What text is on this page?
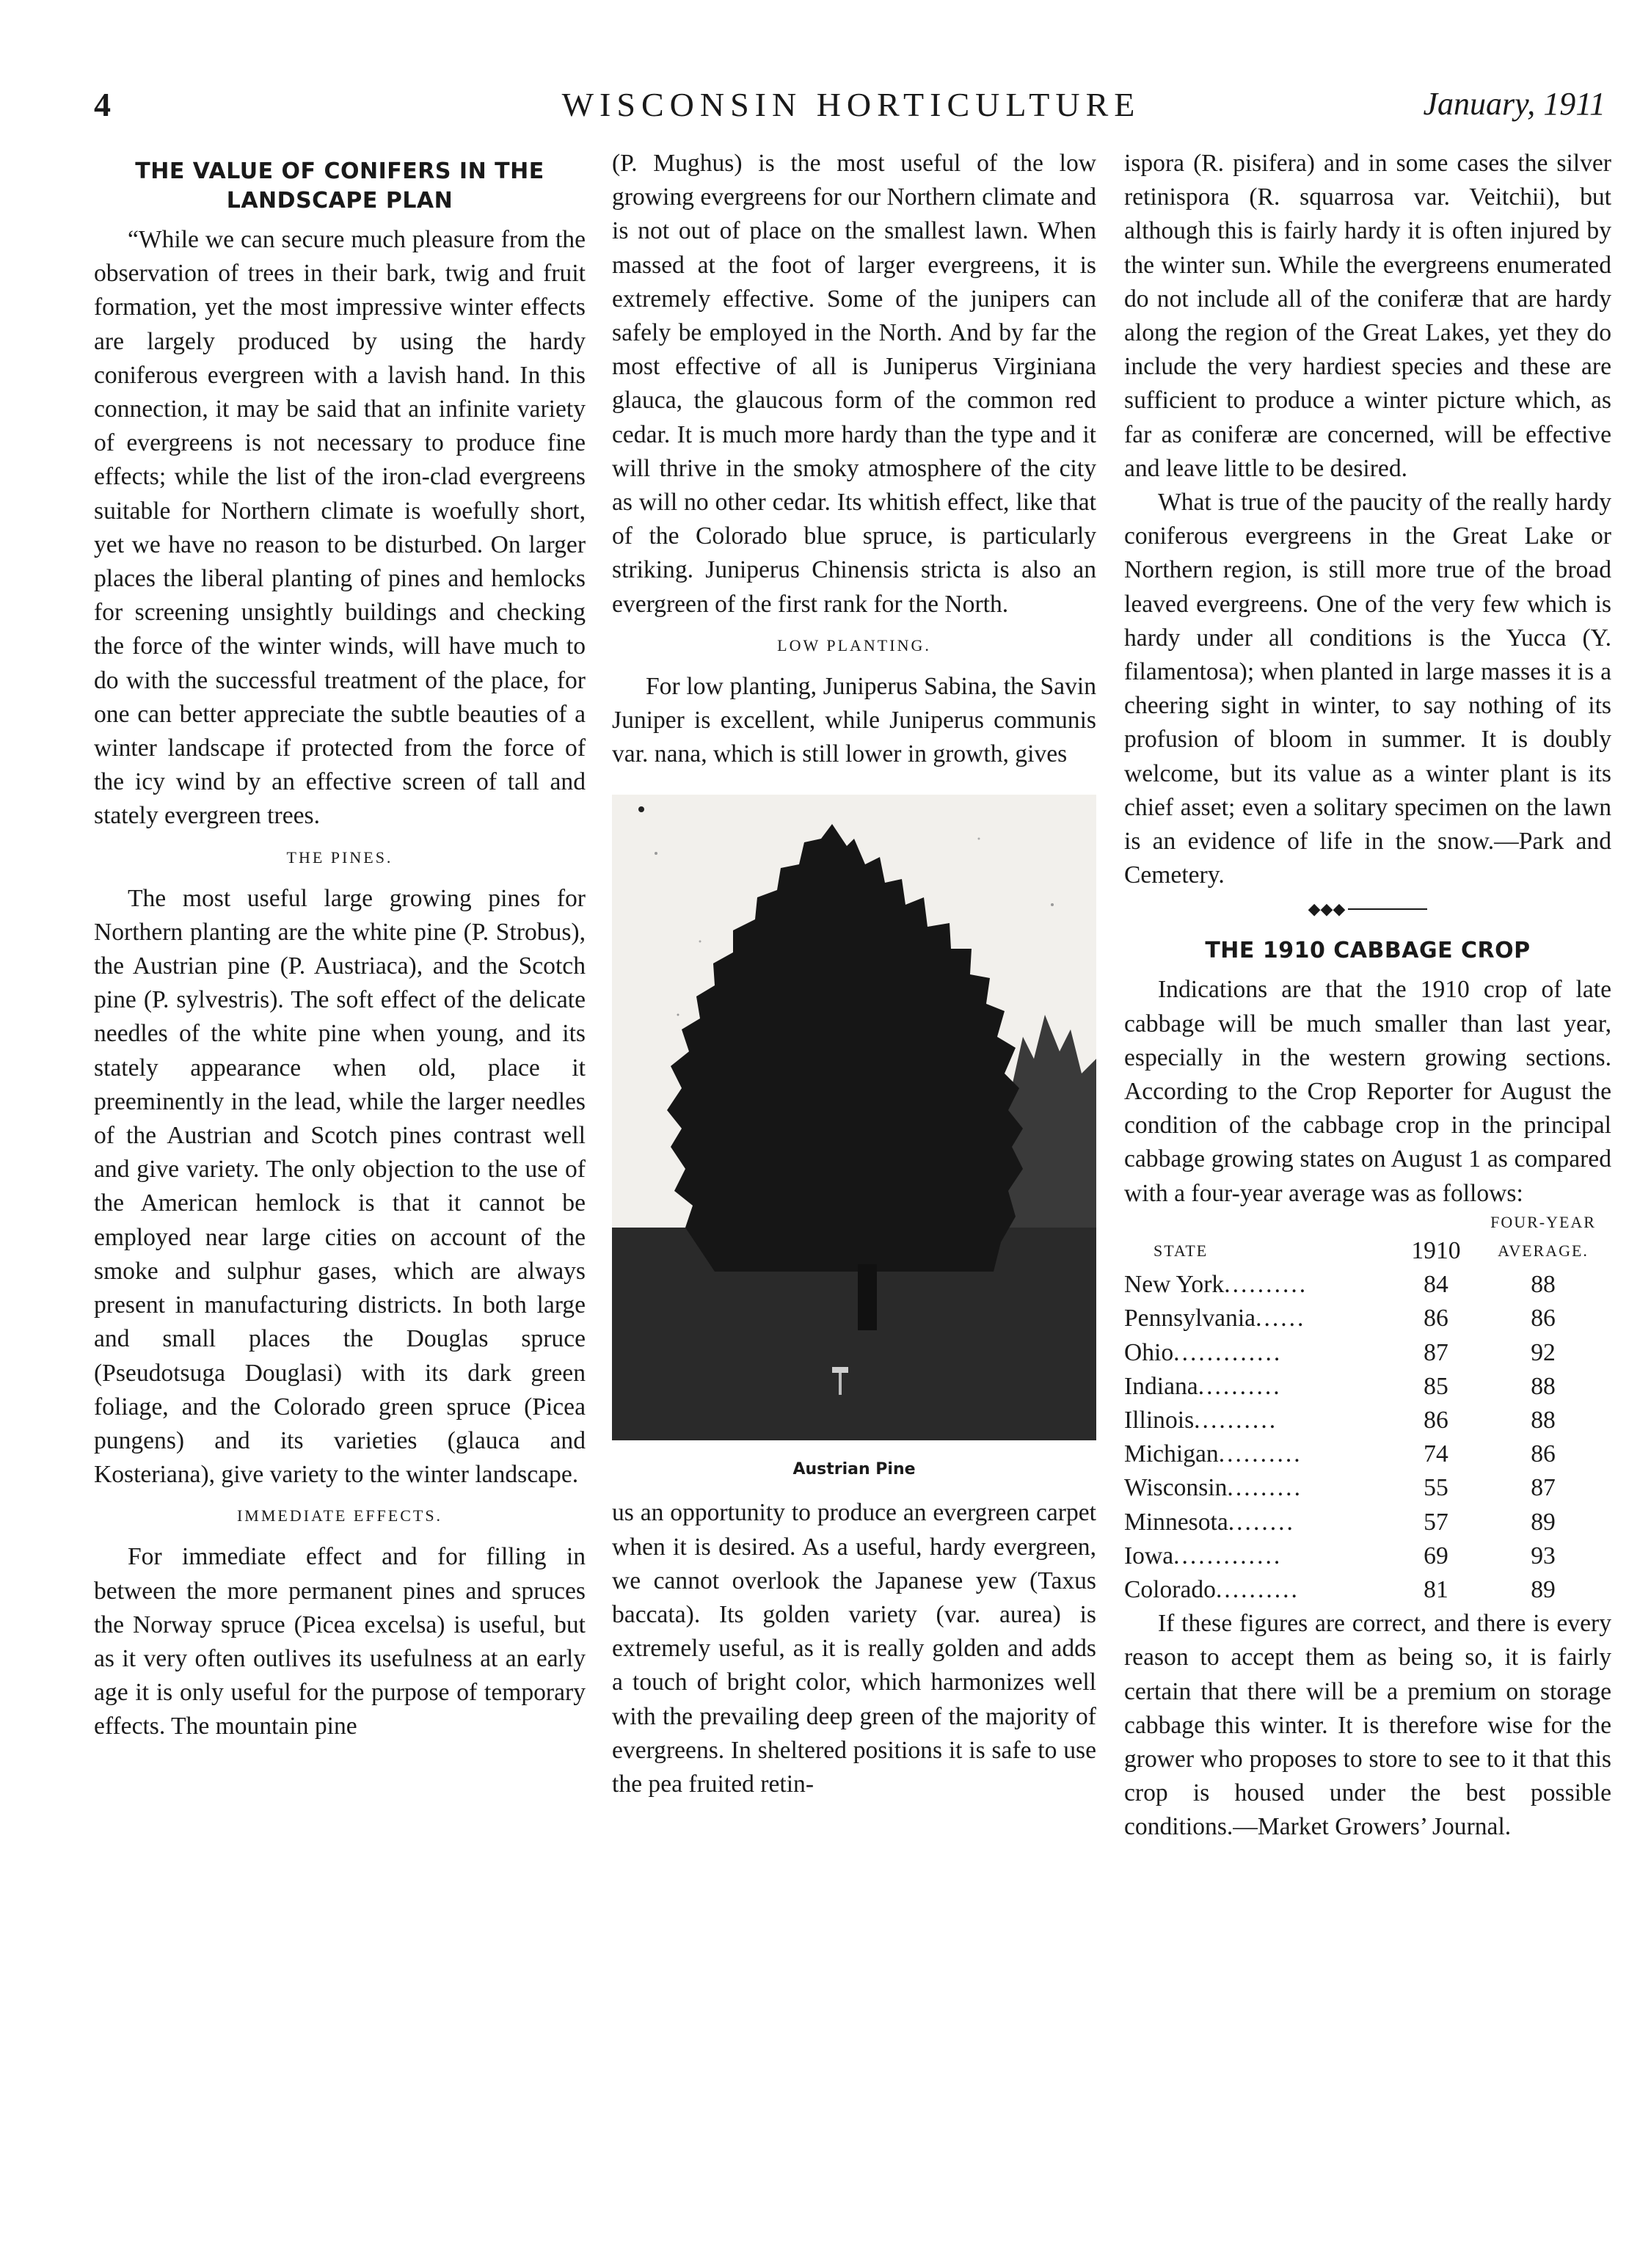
4	WISCONSIN HORTICULTURE	January, 1911
THE VALUE OF CONIFERS IN THE LANDSCAPE PLAN

“While we can secure much pleasure from the observation of trees in their bark, twig and fruit formation, yet the most impressive winter effects are largely produced by using the hardy coniferous evergreen with a lavish hand. In this connection, it may be said that an infinite variety of evergreens is not necessary to produce fine effects; while the list of the iron-clad evergreens suitable for Northern climate is woefully short, yet we have no reason to be disturbed. On larger places the liberal planting of pines and hemlocks for screening unsightly buildings and checking the force of the winter winds, will have much to do with the successful treatment of the place, for one can better appreciate the subtle beauties of a winter landscape if protected from the force of the icy wind by an effective screen of tall and stately evergreen trees.

THE PINES.

The most useful large growing pines for Northern planting are the white pine (P. Strobus), the Austrian pine (P. Austriaca), and the Scotch pine (P. sylvestris). The soft effect of the delicate needles of the white pine when young, and its stately appearance when old, place it preeminently in the lead, while the larger needles of the Austrian and Scotch pines contrast well and give variety. The only objection to the use of the American hemlock is that it cannot be employed near large cities on account of the smoke and sulphur gases, which are always present in manufacturing districts. In both large and small places the Douglas spruce (Pseudotsuga Douglasi) with its dark green foliage, and the Colorado green spruce (Picea pungens) and its varieties (glauca and Kosteriana), give variety to the winter landscape.

IMMEDIATE EFFECTS.

For immediate effect and for filling in between the more permanent pines and spruces the Norway spruce (Picea excelsa) is useful, but as it very often outlives its usefulness at an early age it is only useful for the purpose of temporary effects. The mountain pine

(P. Mughus) is the most useful of the low growing evergreens for our Northern climate and is not out of place on the smallest lawn. When massed at the foot of larger evergreens, it is extremely effective. Some of the junipers can safely be employed in the North. And by far the most effective of all is Juniperus Virginiana glauca, the glaucous form of the common red cedar. It is much more hardy than the type and it will thrive in the smoky atmosphere of the city as will no other cedar. Its whitish effect, like that of the Colorado blue spruce, is particularly striking. Juniperus Chinensis stricta is also an evergreen of the first rank for the North.

LOW PLANTING.

For low planting, Juniperus Sabina, the Savin Juniper is excellent, while Juniperus communis var. nana, which is still lower in growth, gives

Austrian Pine

us an opportunity to produce an evergreen carpet when it is desired. As a useful, hardy evergreen, we cannot overlook the Japanese yew (Taxus baccata). Its golden variety (var. aurea) is extremely useful, as it is really golden and adds a touch of bright color, which harmonizes well with the prevailing deep green of the majority of evergreens. In sheltered positions it is safe to use the pea fruited retin-

ispora (R. pisifera) and in some cases the silver retinispora (R. squarrosa var. Veitchii), but although this is fairly hardy it is often injured by the winter sun. While the evergreens enumerated do not include all of the coniferæ that are hardy along the region of the Great Lakes, yet they do include the very hardiest species and these are sufficient to produce a winter picture which, as far as coniferæ are concerned, will be effective and leave little to be desired.

What is true of the paucity of the really hardy coniferous evergreens in the Great Lake or Northern region, is still more true of the broad leaved evergreens. One of the very few which is hardy under all conditions is the Yucca (Y. filamentosa); when planted in large masses it is a cheering sight in winter, to say nothing of its profusion of bloom in summer. It is doubly welcome, but its value as a winter plant is its chief asset; even a solitary specimen on the lawn is an evidence of life in the snow.—Park and Cemetery.

◆◆◆
THE 1910 CABBAGE CROP

Indications are that the 1910 crop of late cabbage will be much smaller than last year, especially in the western growing sections. According to the Crop Reporter for August the condition of the cabbage crop in the principal cabbage growing states on August 1 as compared with a four-year average was as follows:

		FOUR-YEAR
STATE	1910	AVERAGE.
New York..........	84	88
Pennsylvania......	86	86
Ohio.............	87	92
Indiana..........	85	88
Illinois..........	86	88
Michigan..........	74	86
Wisconsin.........	55	87
Minnesota........	57	89
Iowa.............	69	93
Colorado..........	81	89

If these figures are correct, and there is every reason to accept them as being so, it is fairly certain that there will be a premium on storage cabbage this winter. It is therefore wise for the grower who proposes to store to see to it that this crop is housed under the best possible conditions.—Market Growers’ Journal.
